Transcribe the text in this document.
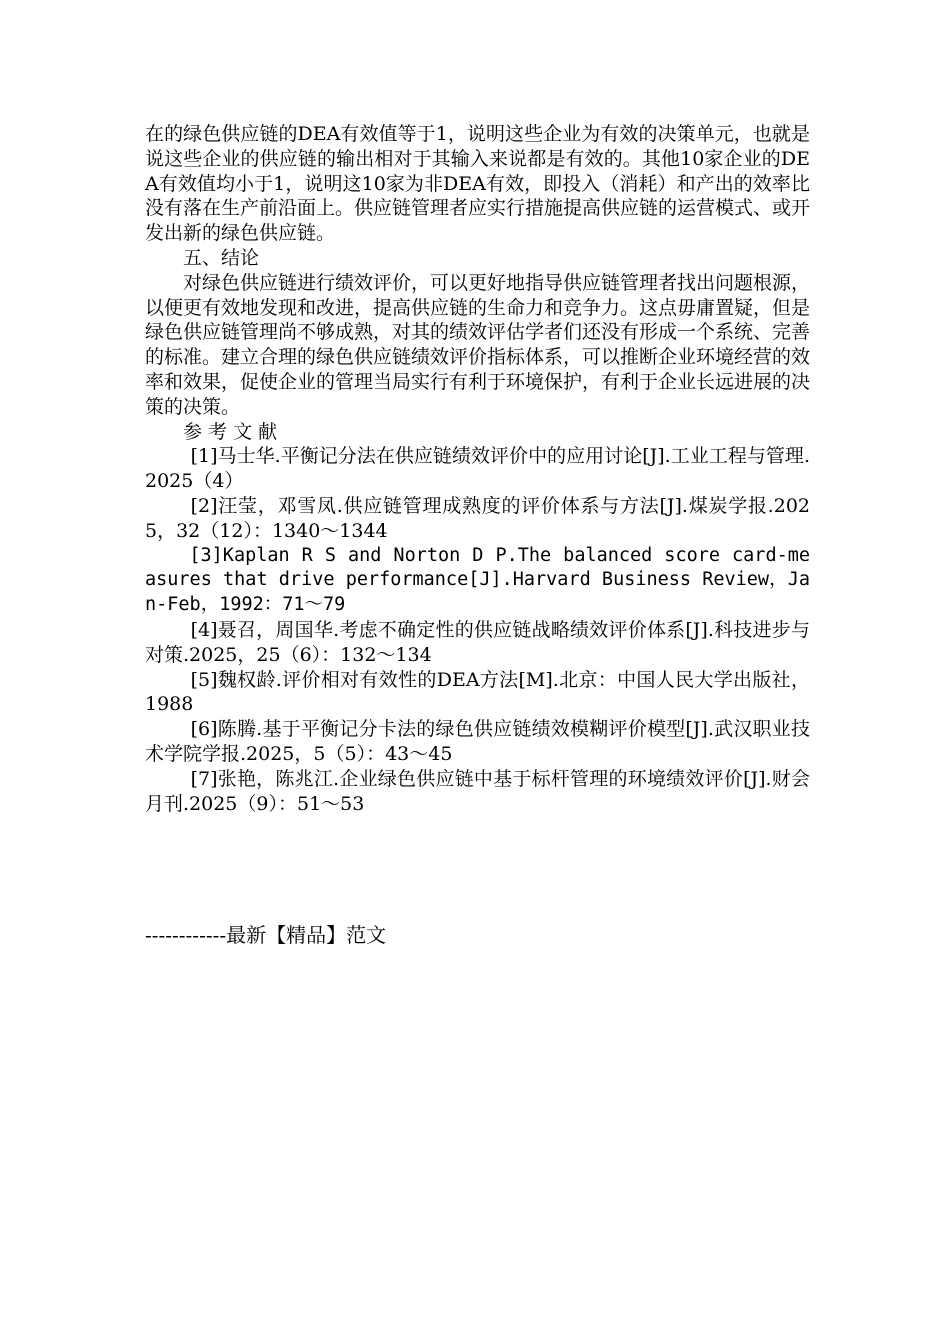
在的绿色供应链的DEA有效值等于1，说明这些企业为有效的决策单元，也就是说这些企业的供应链的输出相对于其输入来说都是有效的。其他10家企业的DEA有效值均小于1，说明这10家为非DEA有效，即投入（消耗）和产出的效率比没有落在生产前沿面上。供应链管理者应实行措施提高供应链的运营模式、或开发出新的绿色供应链。

五、结论

对绿色供应链进行绩效评价，可以更好地指导供应链管理者找出问题根源，以便更有效地发现和改进，提高供应链的生命力和竞争力。这点毋庸置疑，但是绿色供应链管理尚不够成熟，对其的绩效评估学者们还没有形成一个系统、完善的标准。建立合理的绿色供应链绩效评价指标体系，可以推断企业环境经营的效率和效果，促使企业的管理当局实行有利于环境保护，有利于企业长远进展的决策的决策。

参 考 文 献

[1]马士华.平衡记分法在供应链绩效评价中的应用讨论[J].工业工程与管理.2025（4）

[2]汪莹，邓雪凤.供应链管理成熟度的评价体系与方法[J].煤炭学报.2025，32（12）：1340～1344

[3]Kaplan R S and Norton D P.The balanced score card-measures that drive performance[J].Harvard Business Review，Jan-Feb，1992：71～79

[4]聂召，周国华.考虑不确定性的供应链战略绩效评价体系[J].科技进步与对策.2025，25（6）：132～134

[5]魏权龄.评价相对有效性的DEA方法[M].北京：中国人民大学出版社，1988

[6]陈腾.基于平衡记分卡法的绿色供应链绩效模糊评价模型[J].武汉职业技术学院学报.2025，5（5）：43～45

[7]张艳，陈兆江.企业绿色供应链中基于标杆管理的环境绩效评价[J].财会月刊.2025（9）：51～53

------------最新【精品】范文
